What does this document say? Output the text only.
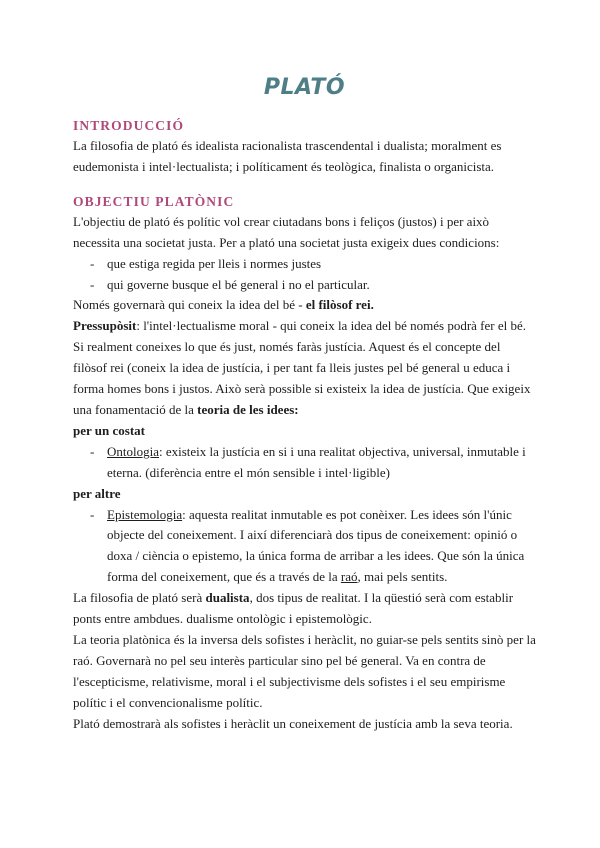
PLATÓ
INTRODUCCIÓ

La filosofia de plató és idealista racionalista trascendental i dualista; moralment es eudemonista i intel·lectualista; i políticament és teològica, finalista o organicista.

OBJECTIU PLATÒNIC

L'objectiu de plató és polític vol crear ciutadans bons i feliços (justos) i per això necessita una societat justa. Per a plató una societat justa exigeix dues condicions:

- que estiga regida per lleis i normes justes

- qui governe busque el bé general i no el particular.

Només governarà qui coneix la idea del bé - el filòsof rei.

Pressupòsit: l'intel·lectualisme moral - qui coneix la idea del bé només podrà fer el bé. Si realment coneixes lo que és just, només faràs justícia. Aquest és el concepte del filòsof rei (coneix la idea de justícia, i per tant fa lleis justes pel bé general u educa i forma homes bons i justos. Això serà possible si existeix la idea de justícia. Que exigeix una fonamentació de la teoria de les idees:

per un costat

- Ontologia: existeix la justícia en si i una realitat objectiva, universal, inmutable i eterna. (diferència entre el món sensible i intel·ligible)

per altre

- Epistemologia: aquesta realitat inmutable es pot conèixer. Les idees són l'únic objecte del coneixement. I així diferenciarà dos tipus de coneixement: opinió o doxa / ciència o epistemo, la única forma de arribar a les idees. Que són la única forma del coneixement, que és a través de la raó, mai pels sentits.

La filosofia de plató serà dualista, dos tipus de realitat. I la qüestió serà com establir ponts entre ambdues. dualisme ontològic i epistemològic.

La teoria platònica és la inversa dels sofistes i heràclit, no guiar-se pels sentits sinò per la raó. Governarà no pel seu interès particular sino pel bé general. Va en contra de l'escepticisme, relativisme, moral i el subjectivisme dels sofistes i el seu empirisme polític i el convencionalisme polític.

Plató demostrarà als sofistes i heràclit un coneixement de justícia amb la seva teoria.
